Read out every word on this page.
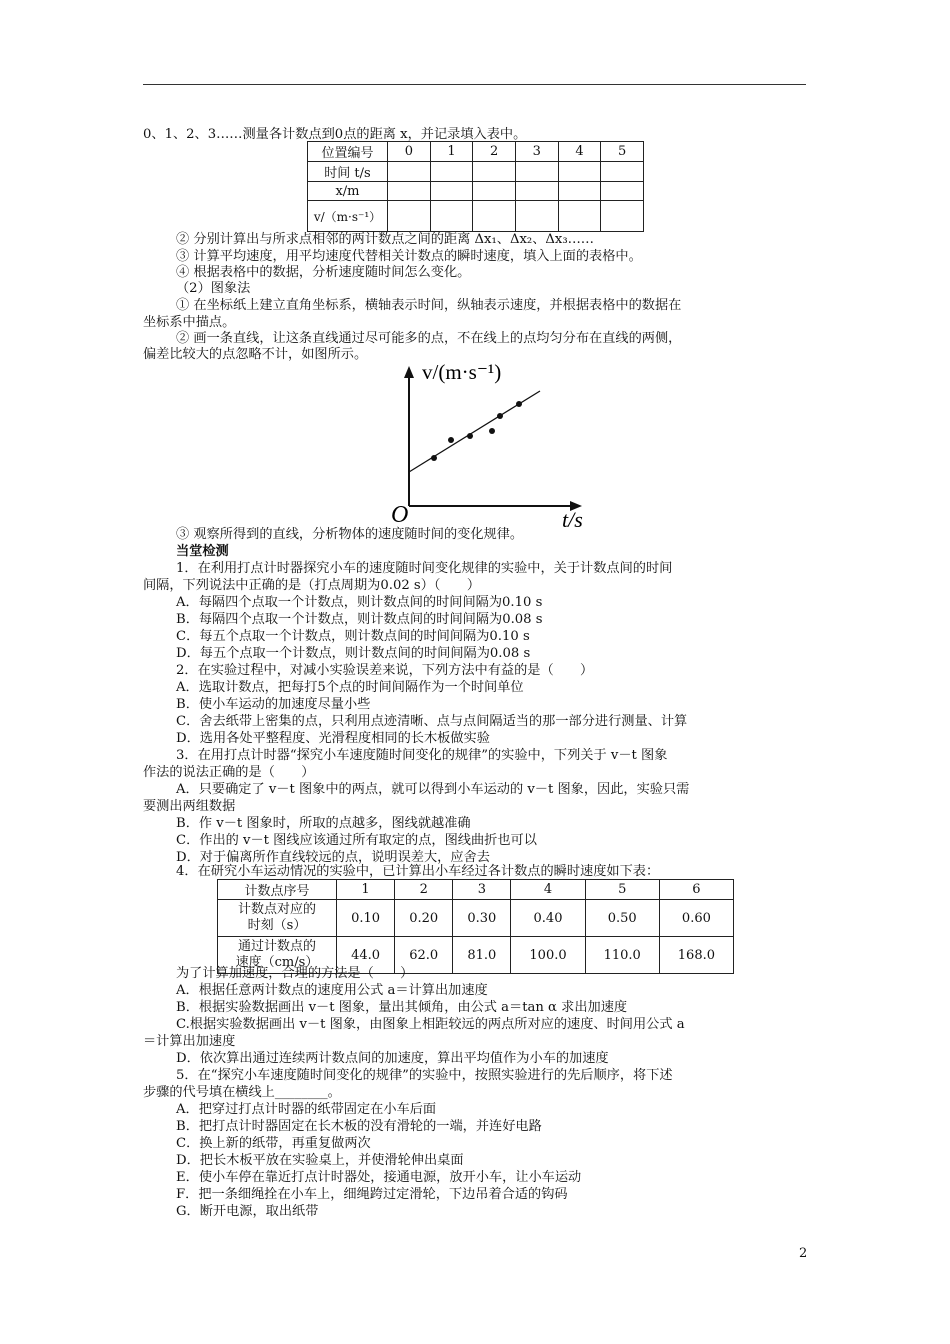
0、1、2、3……测量各计数点到0点的距离 x，并记录填入表中。
位置编号	0	1	2	3	4	5
时间 t/s						
x/m						
v/（m·s⁻¹）						
② 分别计算出与所求点相邻的两计数点之间的距离 Δx₁、Δx₂、Δx₃……
③ 计算平均速度，用平均速度代替相关计数点的瞬时速度，填入上面的表格中。
④ 根据表格中的数据，分析速度随时间怎么变化。
（2）图象法
① 在坐标纸上建立直角坐标系，横轴表示时间，纵轴表示速度，并根据表格中的数据在
坐标系中描点。
② 画一条直线，让这条直线通过尽可能多的点，不在线上的点均匀分布在直线的两侧，
偏差比较大的点忽略不计，如图所示。
v/(m·s⁻¹)
O	t/s
③ 观察所得到的直线，分析物体的速度随时间的变化规律。
当堂检测
1．在利用打点计时器探究小车的速度随时间变化规律的实验中，关于计数点间的时间
间隔，下列说法中正确的是（打点周期为0.02 s）（　　）
A．每隔四个点取一个计数点，则计数点间的时间间隔为0.10 s
B．每隔四个点取一个计数点，则计数点间的时间间隔为0.08 s
C．每五个点取一个计数点，则计数点间的时间间隔为0.10 s
D．每五个点取一个计数点，则计数点间的时间间隔为0.08 s
2．在实验过程中，对减小实验误差来说，下列方法中有益的是（　　）
A．选取计数点，把每打5个点的时间间隔作为一个时间单位
B．使小车运动的加速度尽量小些
C．舍去纸带上密集的点，只利用点迹清晰、点与点间隔适当的那一部分进行测量、计算
D．选用各处平整程度、光滑程度相同的长木板做实验
3．在用打点计时器“探究小车速度随时间变化的规律”的实验中，下列关于 v－t 图象
作法的说法正确的是（　　）
A．只要确定了 v－t 图象中的两点，就可以得到小车运动的 v－t 图象，因此，实验只需
要测出两组数据
B．作 v－t 图象时，所取的点越多，图线就越准确
C．作出的 v－t 图线应该通过所有取定的点，图线曲折也可以
D．对于偏离所作直线较远的点，说明误差大，应舍去
4．在研究小车运动情况的实验中，已计算出小车经过各计数点的瞬时速度如下表：
计数点序号	1	2	3	4	5	6

计数点对应的
时刻（s）	0.10	0.20	0.30	0.40	0.50	0.60

通过计数点的
速度（cm/s）	44.0	62.0	81.0	100.0	110.0	168.0
为了计算加速度，合理的方法是（　　）
A．根据任意两计数点的速度用公式 a＝计算出加速度
B．根据实验数据画出 v－t 图象，量出其倾角，由公式 a＝tan α 求出加速度
C.根据实验数据画出 v－t 图象，由图象上相距较远的两点所对应的速度、时间用公式 a
＝计算出加速度
D．依次算出通过连续两计数点间的加速度，算出平均值作为小车的加速度
5．在“探究小车速度随时间变化的规律”的实验中，按照实验进行的先后顺序，将下述
步骤的代号填在横线上________。
A．把穿过打点计时器的纸带固定在小车后面
B．把打点计时器固定在长木板的没有滑轮的一端，并连好电路
C．换上新的纸带，再重复做两次
D．把长木板平放在实验桌上，并使滑轮伸出桌面
E．使小车停在靠近打点计时器处，接通电源，放开小车，让小车运动
F．把一条细绳拴在小车上，细绳跨过定滑轮，下边吊着合适的钩码
G．断开电源，取出纸带
2
